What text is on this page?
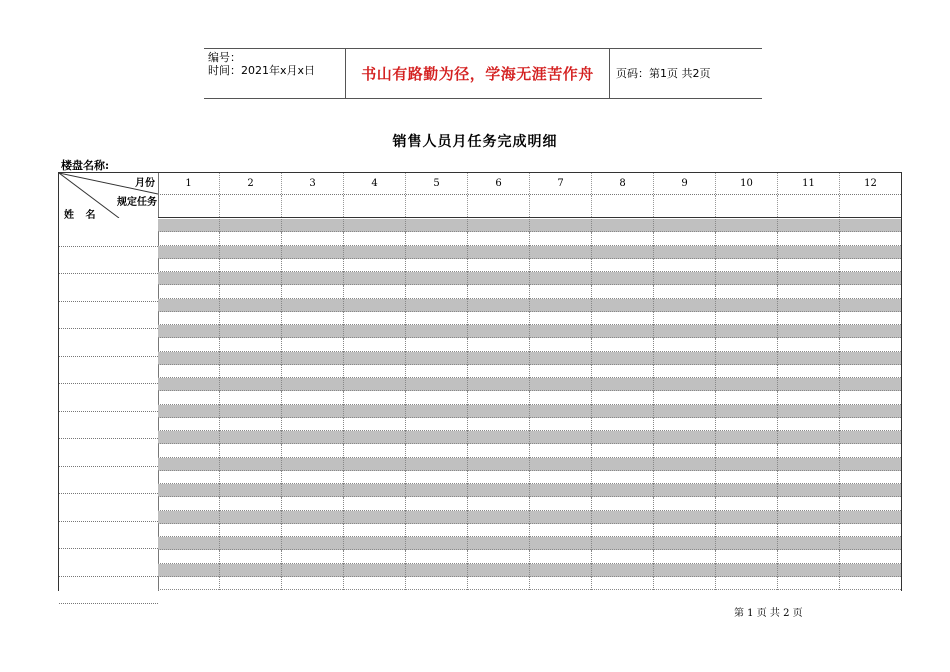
编号：
时间：2021年x月x日	书山有路勤为径，学海无涯苦作舟 页码：第1页 共2页
销售人员月任务完成明细
楼盘名称:
月份
规定任务
姓 名
1	2	3	4	5	6	7	8	9	10	11	12
第 1 页 共 2 页
